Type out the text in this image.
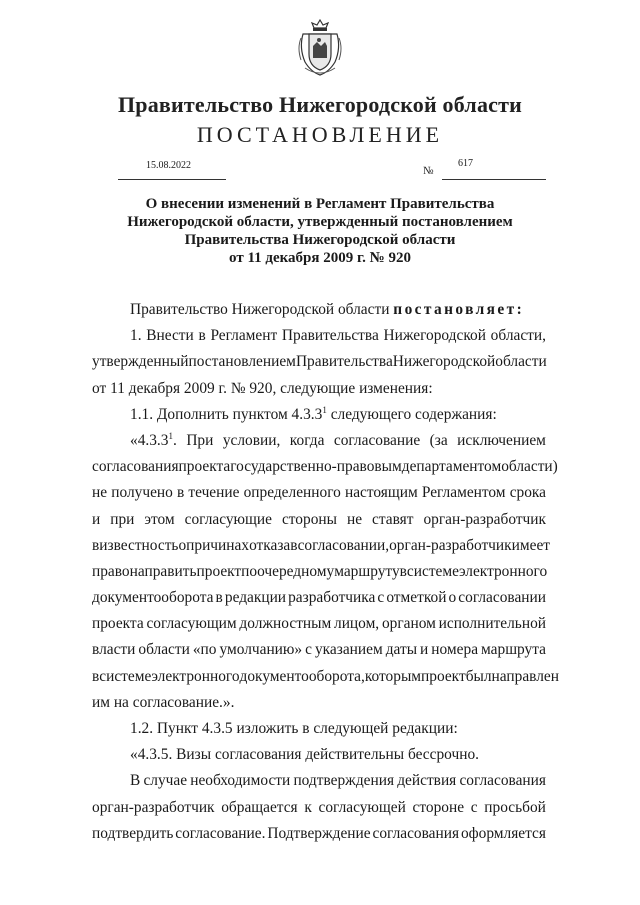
Правительство Нижегородской области
ПОСТАНОВЛЕНИЕ
15.08.2022	№
617
О внесении изменений в Регламент Правительства
Нижегородской области, утвержденный постановлением
Правительства Нижегородской области
от 11 декабря 2009 г. № 920
Правительство Нижегородской области постановляет:
1. Внести в Регламент Правительства Нижегородской области,
утвержденный постановлением Правительства Нижегородской области
от 11 декабря 2009 г. № 920, следующие изменения:
1.1. Дополнить пунктом 4.3.3$^1$ следующего содержания:
«4.3.3$^1$. При условии, когда согласование (за исключением
согласования проекта государственно-правовым департаментом области)
не получено в течение определенного настоящим Регламентом срока
и при этом согласующие стороны не ставят орган-разработчик
в известность о причинах отказа в согласовании, орган-разработчик имеет
право направить проект по очередному маршруту в системе электронного
документооборота в редакции разработчика с отметкой о согласовании
проекта согласующим должностным лицом, органом исполнительной
власти области «по умолчанию» с указанием даты и номера маршрута
в системе электронного документооборота, которым проект был направлен
им на согласование.».
1.2. Пункт 4.3.5 изложить в следующей редакции:
«4.3.5. Визы согласования действительны бессрочно.
В случае необходимости подтверждения действия согласования
орган-разработчик обращается к согласующей стороне с просьбой
подтвердить согласование. Подтверждение согласования оформляется
